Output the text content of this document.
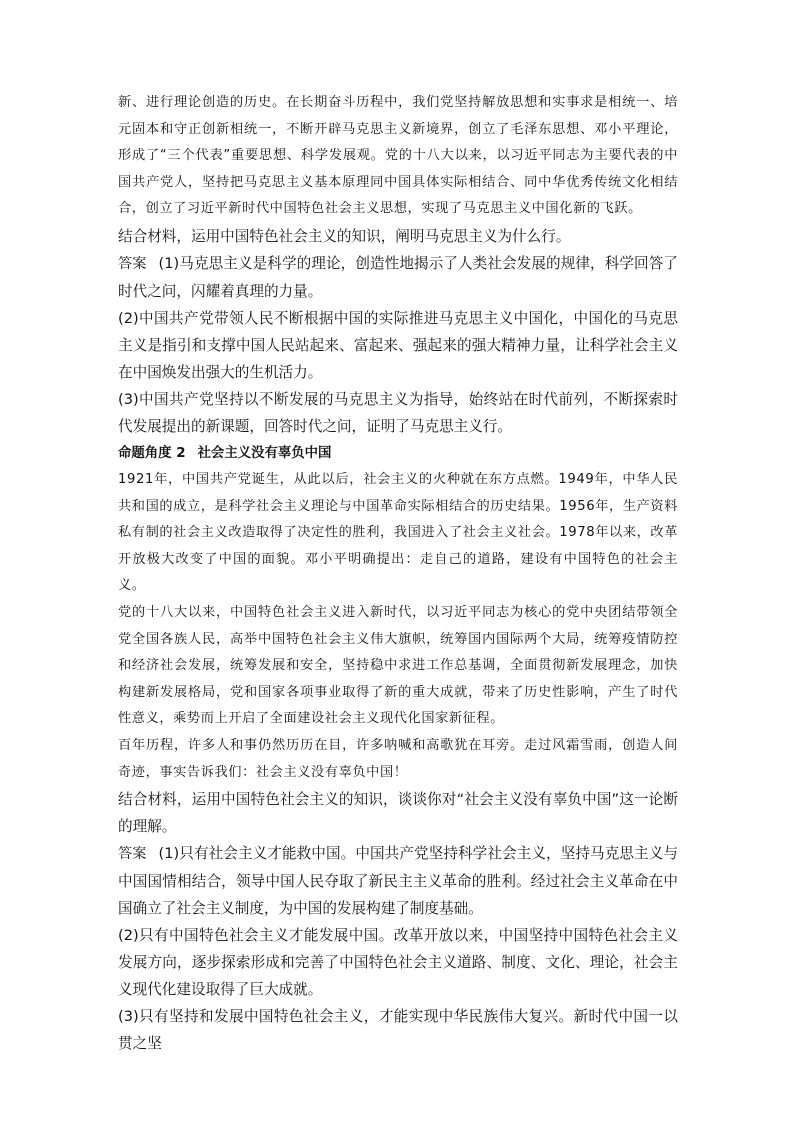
新、进行理论创造的历史。在长期奋斗历程中，我们党坚持解放思想和实事求是相统一、培元固本和守正创新相统一，不断开辟马克思主义新境界，创立了毛泽东思想、邓小平理论，形成了“三个代表”重要思想、科学发展观。党的十八大以来，以习近平同志为主要代表的中国共产党人，坚持把马克思主义基本原理同中国具体实际相结合、同中华优秀传统文化相结合，创立了习近平新时代中国特色社会主义思想，实现了马克思主义中国化新的飞跃。

结合材料，运用中国特色社会主义的知识，阐明马克思主义为什么行。

答案 (1)马克思主义是科学的理论，创造性地揭示了人类社会发展的规律，科学回答了时代之问，闪耀着真理的力量。

(2)中国共产党带领人民不断根据中国的实际推进马克思主义中国化，中国化的马克思主义是指引和支撑中国人民站起来、富起来、强起来的强大精神力量，让科学社会主义在中国焕发出强大的生机活力。

(3)中国共产党坚持以不断发展的马克思主义为指导，始终站在时代前列，不断探索时代发展提出的新课题，回答时代之问，证明了马克思主义行。

命题角度 2 社会主义没有辜负中国

1921年，中国共产党诞生，从此以后，社会主义的火种就在东方点燃。1949年，中华人民共和国的成立，是科学社会主义理论与中国革命实际相结合的历史结果。1956年，生产资料私有制的社会主义改造取得了决定性的胜利，我国进入了社会主义社会。1978年以来，改革开放极大改变了中国的面貌。邓小平明确提出：走自己的道路，建设有中国特色的社会主义。

党的十八大以来，中国特色社会主义进入新时代，以习近平同志为核心的党中央团结带领全党全国各族人民，高举中国特色社会主义伟大旗帜，统筹国内国际两个大局，统筹疫情防控和经济社会发展，统筹发展和安全，坚持稳中求进工作总基调，全面贯彻新发展理念，加快构建新发展格局，党和国家各项事业取得了新的重大成就，带来了历史性影响，产生了时代性意义，乘势而上开启了全面建设社会主义现代化国家新征程。

百年历程，许多人和事仍然历历在目，许多呐喊和高歌犹在耳旁。走过风霜雪雨，创造人间奇迹，事实告诉我们：社会主义没有辜负中国！

结合材料，运用中国特色社会主义的知识，谈谈你对“社会主义没有辜负中国”这一论断的理解。

答案 (1)只有社会主义才能救中国。中国共产党坚持科学社会主义，坚持马克思主义与中国国情相结合，领导中国人民夺取了新民主主义革命的胜利。经过社会主义革命在中国确立了社会主义制度，为中国的发展构建了制度基础。

(2)只有中国特色社会主义才能发展中国。改革开放以来，中国坚持中国特色社会主义发展方向，逐步探索形成和完善了中国特色社会主义道路、制度、文化、理论，社会主义现代化建设取得了巨大成就。

(3)只有坚持和发展中国特色社会主义，才能实现中华民族伟大复兴。新时代中国一以贯之坚
